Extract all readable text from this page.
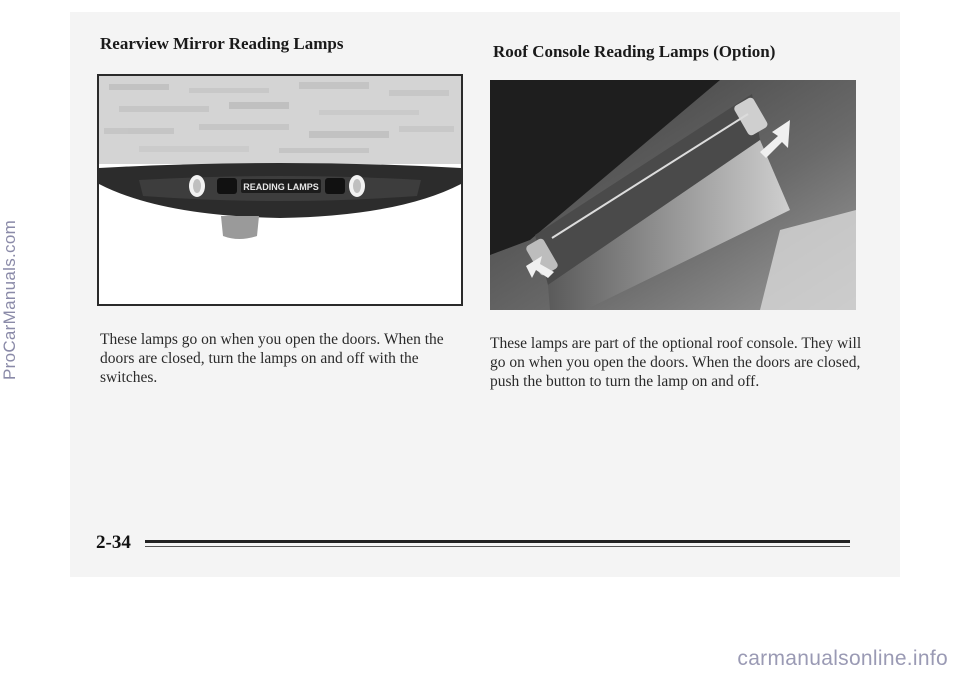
Rearview Mirror Reading Lamps	Roof Console Reading Lamps (Option)
READING LAMPS
These lamps go on when you open the doors. When the doors are closed, turn the lamps on and off with the switches.
These lamps are part of the optional roof console. They will go on when you open the doors. When the doors are closed, push the button to turn the lamp on and off.
2-34
ProCarManuals.com
carmanualsonline.info
